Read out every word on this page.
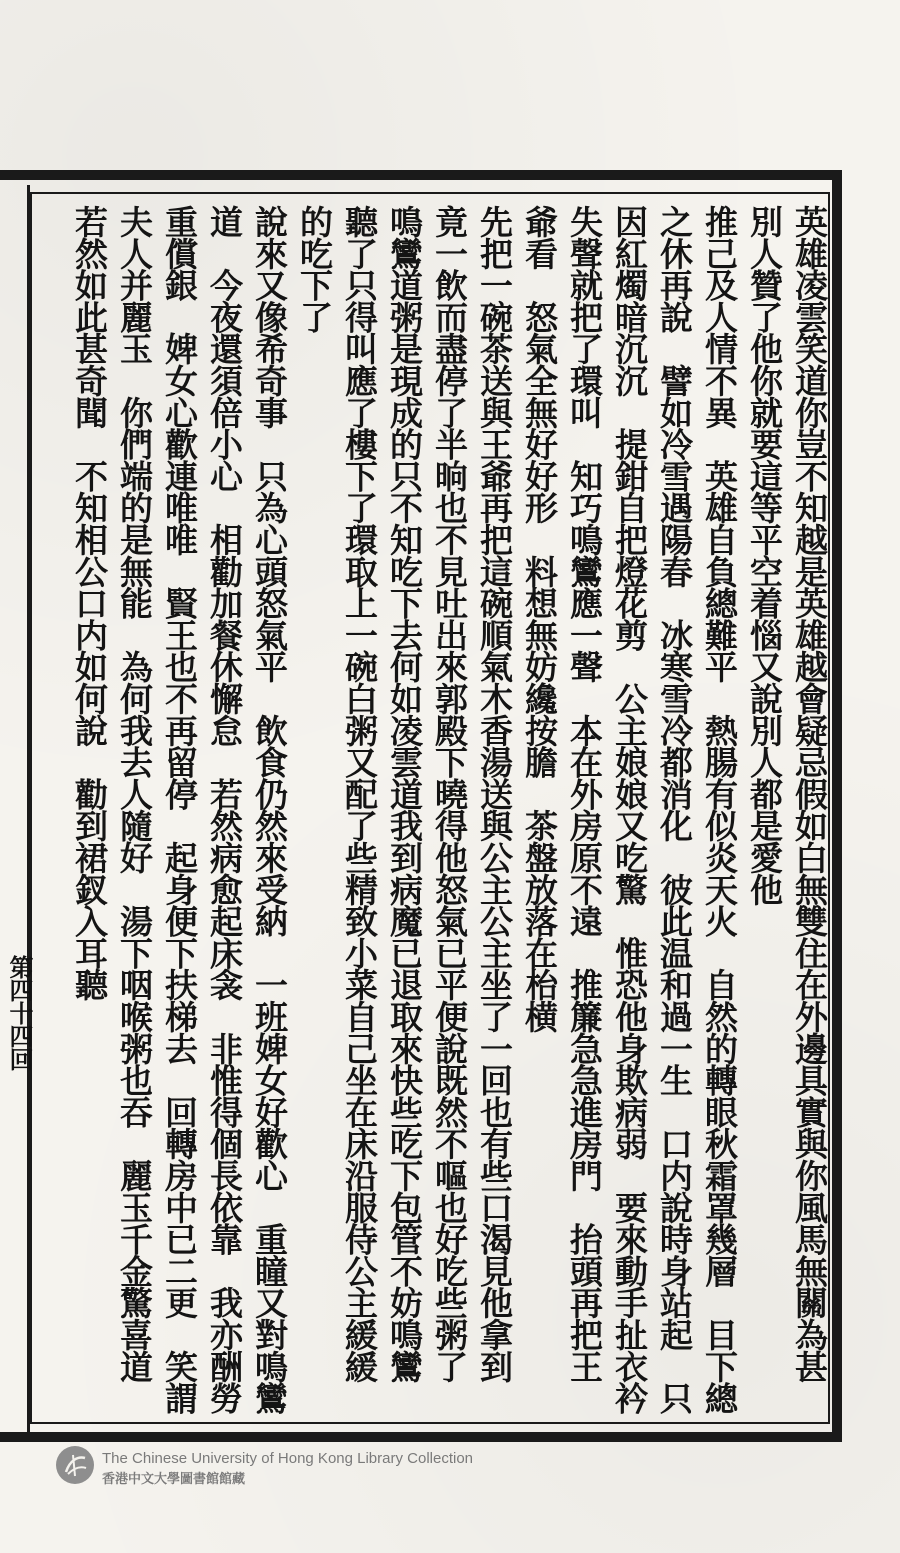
第四十四回	英雄凌雲笑道你豈不知越是英雄越會疑忌假如白無雙住在外邊具實與你風馬無關為甚
別人贊了他你就要這等平空着惱又說別人都是愛他
推己及人情不異　英雄自負總難平　熱腸有似炎天火　自然的轉眼秋霜罩幾層　目下總
之休再說　譬如冷雪遇陽春　冰寒雪冷都消化　彼此温和過一生　口内說時身站起　只
因紅燭暗沉沉　提鉗自把燈花剪　公主娘娘又吃驚　惟恐他身欺病弱　要來動手扯衣衿
失聲就把了環叫　知巧鳴鸞應一聲　本在外房原不遠　推簾急急進房門　抬頭再把王
爺看　怒氣全無好好形　料想無妨纔按膽　茶盤放落在枱横
先把一碗茶送與王爺再把這碗順氣木香湯送與公主公主坐了一回也有些口渴見他拿到
竟一飲而盡停了半晌也不見吐出來郭殿下曉得他怒氣已平便說既然不嘔也好吃些粥了
鳴鸞道粥是現成的只不知吃下去何如凌雲道我到病魔已退取來快些吃下包管不妨鳴鸞
聽了只得叫應了樓下了環取上一碗白粥又配了些精致小菜自己坐在床沿服侍公主緩緩
的吃下了
說來又像希奇事　只為心頭怒氣平　飲食仍然來受納　一班婢女好歡心　重瞳又對鳴鸞
道　今夜還須倍小心　相勸加餐休懈怠　若然病愈起床衾　非惟得個長依靠　我亦酬勞
重償銀　婢女心歡連唯唯　賢王也不再留停　起身便下扶梯去　回轉房中已二更　笑謂
夫人并麗玉　你們端的是無能　為何我去人隨好　湯下咽喉粥也吞　麗玉千金驚喜道
若然如此甚奇聞　不知相公口内如何說　勸到裙釵入耳聽
The Chinese University of Hong Kong Library Collection
香港中文大學圖書館館藏
